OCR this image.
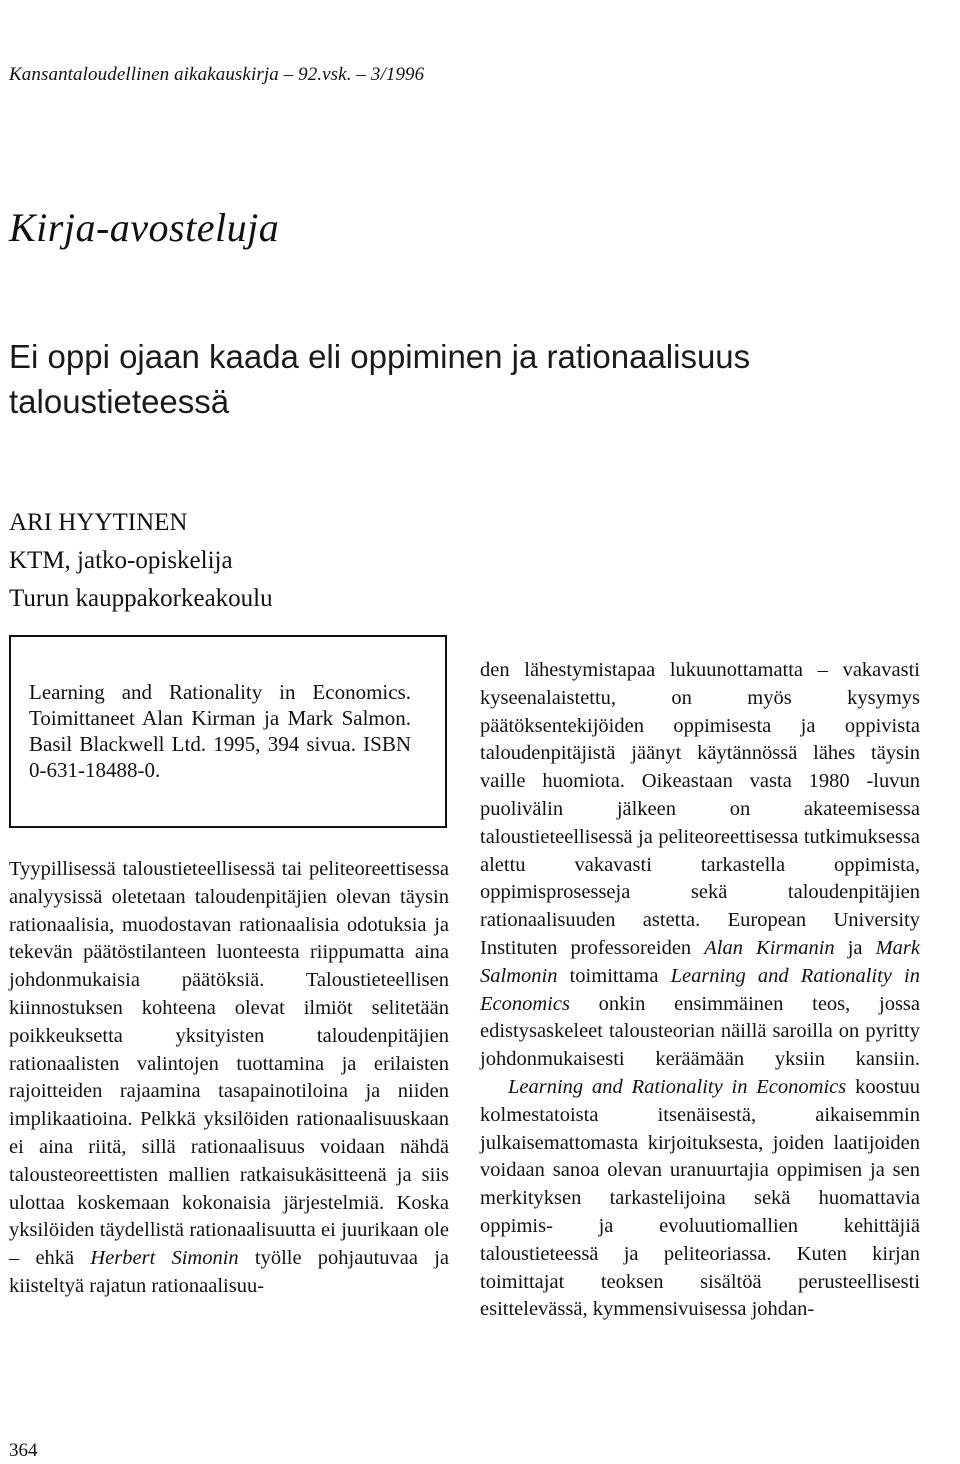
Kansantaloudellinen aikakauskirja – 92.vsk. – 3/1996
Kirja-avosteluja
Ei oppi ojaan kaada eli oppiminen ja rationaalisuus
taloustieteessä
ARI HYYTINEN
KTM, jatko-opiskelija
Turun kauppakorkeakoulu
Learning and Rationality in Economics. Toimittaneet Alan Kirman ja Mark Salmon. Basil Blackwell Ltd. 1995, 394 sivua. ISBN 0-631-18488-0.

Tyypillisessä taloustieteellisessä tai peliteoreettisessa analyysissä oletetaan taloudenpitäjien olevan täysin rationaalisia, muodostavan rationaalisia odotuksia ja tekevän päätöstilanteen luonteesta riippumatta aina johdonmukaisia päätöksiä. Taloustieteellisen kiinnostuksen kohteena olevat ilmiöt selitetään poikkeuksetta yksityisten taloudenpitäjien rationaalisten valintojen tuottamina ja erilaisten rajoitteiden rajaamina tasapainotiloina ja niiden implikaatioina. Pelkkä yksilöiden rationaalisuuskaan ei aina riitä, sillä rationaalisuus voidaan nähdä talousteoreettisten mallien ratkaisukäsitteenä ja siis ulottaa koskemaan kokonaisia järjestelmiä. Koska yksilöiden täydellistä rationaalisuutta ei juurikaan ole – ehkä Herbert Simonin työlle pohjautuvaa ja kiisteltyä rajatun rationaalisuu-

den lähestymistapaa lukuunottamatta – vakavasti kyseenalaistettu, on myös kysymys päätöksentekijöiden oppimisesta ja oppivista taloudenpitäjistä jäänyt käytännössä lähes täysin vaille huomiota. Oikeastaan vasta 1980 -luvun puolivälin jälkeen on akateemisessa taloustieteellisessä ja peliteoreettisessa tutkimuksessa alettu vakavasti tarkastella oppimista, oppimisprosesseja sekä taloudenpitäjien rationaalisuuden astetta. European University Instituten professoreiden Alan Kirmanin ja Mark Salmonin toimittama Learning and Rationality in Economics onkin ensimmäinen teos, jossa edistysaskeleet talousteorian näillä saroilla on pyritty johdonmukaisesti keräämään yksiin kansiin.

Learning and Rationality in Economics koostuu kolmestatoista itsenäisestä, aikaisemmin julkaisemattomasta kirjoituksesta, joiden laatijoiden voidaan sanoa olevan uranuurtajia oppimisen ja sen merkityksen tarkastelijoina sekä huomattavia oppimis- ja evoluutiomallien kehittäjiä taloustieteessä ja peliteoriassa. Kuten kirjan toimittajat teoksen sisältöä perusteellisesti esittelevässä, kymmensivuisessa johdan-

364
